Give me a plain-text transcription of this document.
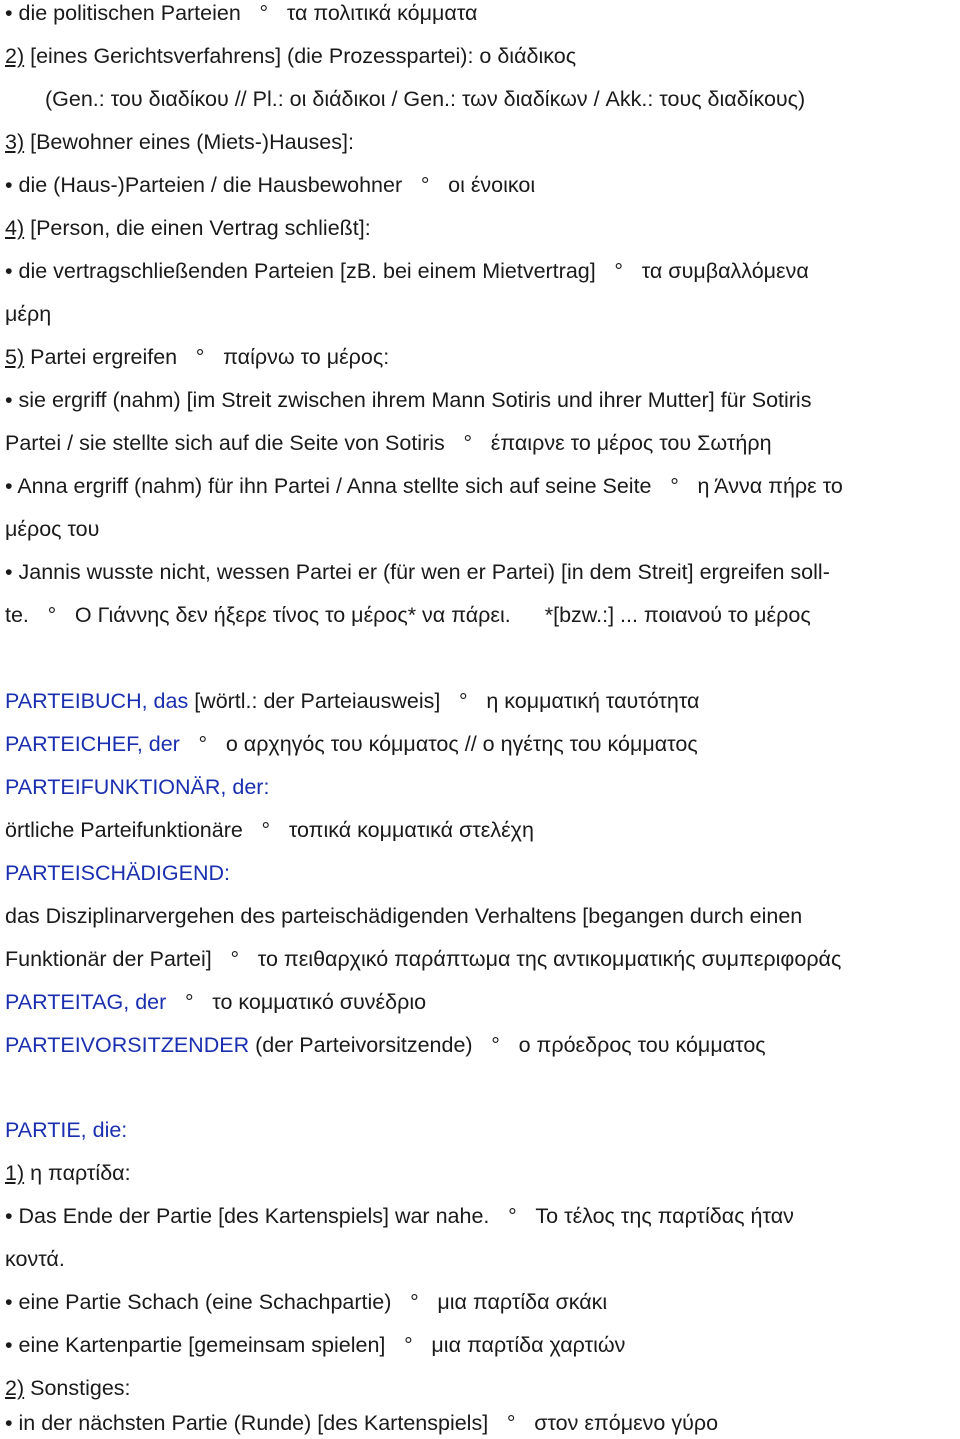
• die politischen Parteien ° τα πολιτικά κόμματα
2) [eines Gerichtsverfahrens] (die Prozesspartei): ο διάδικος
(Gen.: του διαδίκου // Pl.: οι διάδικοι / Gen.: των διαδίκων / Akk.: τους διαδίκους)
3) [Bewohner eines (Miets-)Hauses]:
• die (Haus-)Parteien / die Hausbewohner ° οι ένοικοι
4) [Person, die einen Vertrag schließt]:
• die vertragschließenden Parteien [zB. bei einem Mietvertrag] ° τα συμβαλλόμενα
μέρη
5) Partei ergreifen ° παίρνω το μέρος:
• sie ergriff (nahm) [im Streit zwischen ihrem Mann Sotiris und ihrer Mutter] für Sotiris
Partei / sie stellte sich auf die Seite von Sotiris ° έπαιρνε το μέρος του Σωτήρη
• Anna ergriff (nahm) für ihn Partei / Anna stellte sich auf seine Seite ° η Άννα πήρε το
μέρος του
• Jannis wusste nicht, wessen Partei er (für wen er Partei) [in dem Streit] ergreifen soll-
te. ° Ο Γιάννης δεν ήξερε τίνος το μέρος* να πάρει. *[bzw.:] ... ποιανού το μέρος
PARTEIBUCH, das [wörtl.: der Parteiausweis] ° η κομματική ταυτότητα
PARTEICHEF, der ° ο αρχηγός του κόμματος // ο ηγέτης του κόμματος
PARTEIFUNKTIONÄR, der:
örtliche Parteifunktionäre ° τοπικά κομματικά στελέχη
PARTEISCHÄDIGEND:
das Disziplinarvergehen des parteischädigenden Verhaltens [begangen durch einen
Funktionär der Partei] ° το πειθαρχικό παράπτωμα της αντικομματικής συμπεριφοράς
PARTEITAG, der ° το κομματικό συνέδριο
PARTEIVORSITZENDER (der Parteivorsitzende) ° ο πρόεδρος του κόμματος
PARTIE, die:
1) η παρτίδα:
• Das Ende der Partie [des Kartenspiels] war nahe. ° Το τέλος της παρτίδας ήταν
κοντά.
• eine Partie Schach (eine Schachpartie) ° μια παρτίδα σκάκι
• eine Kartenpartie [gemeinsam spielen] ° μια παρτίδα χαρτιών
2) Sonstiges:
• in der nächsten Partie (Runde) [des Kartenspiels] ° στον επόμενο γύρο
